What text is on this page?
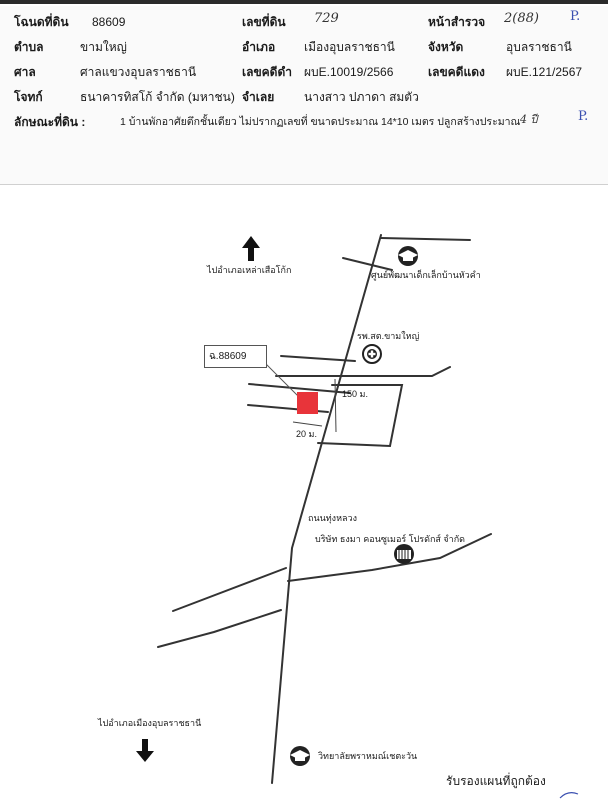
โฉนดที่ดิน 88609	เลขที่ดิน 729	หน้าสำรวจ 2(88) P.
ตำบล	ขามใหญ่	อำเภอ เมืองอุบลราชธานี	จังหวัด	อุบลราชธานี
ศาล	ศาลแขวงอุบลราชธานี	เลขคดีดำ ผบE.10019/2566	เลขคดีแดง ผบE.121/2567
โจทก์	ธนาคารทิสโก้ จำกัด (มหาชน) จำเลย นางสาว ปภาดา สมตัว
ลักษณะที่ดิน :	1 บ้านพักอาศัยตึกชั้นเดียว ไม่ปรากฏเลขที่ ขนาดประมาณ 14*10 เมตร ปลูกสร้างประมาณ 4 ปี	P.
ไปอำเภอเหล่าเสือโก้ก	ศูนย์พัฒนาเด็กเล็กบ้านหัวคำ
รพ.สต.ขามใหญ่
ฉ.88609
150 ม.
20 ม.
ถนนทุ่งหลวง
บริษัท ธงมา คอนซูเมอร์ โปรดักส์ จำกัด
ไปอำเภอเมืองอุบลราชธานี
วิทยาลัยพราหมณ์เชตะวัน
รับรองแผนที่ถูกต้อง
